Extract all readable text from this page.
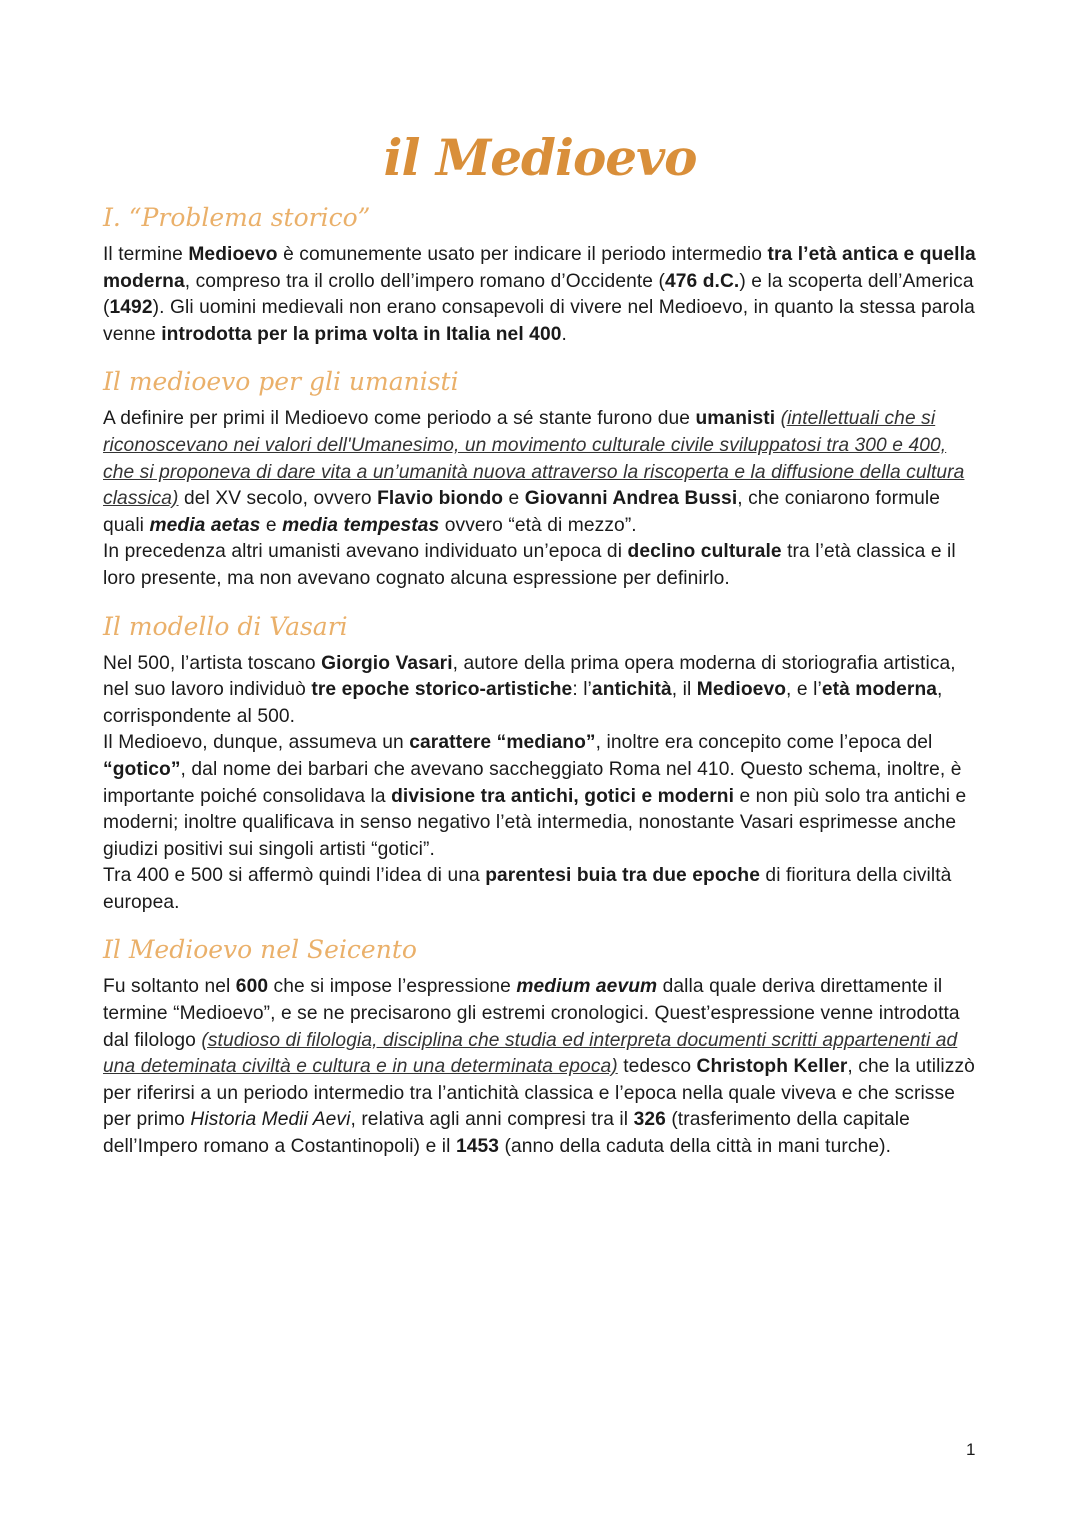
il Medioevo
I. “Problema storico”

Il termine Medioevo è comunemente usato per indicare il periodo intermedio tra l’età antica e quella moderna, compreso tra il crollo dell’impero romano d’Occidente (476 d.C.) e la scoperta dell’America (1492). Gli uomini medievali non erano consapevoli di vivere nel Medioevo, in quanto la stessa parola venne introdotta per la prima volta in Italia nel 400.

Il medioevo per gli umanisti

A definire per primi il Medioevo come periodo a sé stante furono due umanisti (intellettuali che si riconoscevano nei valori dell'Umanesimo, un movimento culturale civile sviluppatosi tra 300 e 400, che si proponeva di dare vita a un’umanità nuova attraverso la riscoperta e la diffusione della cultura classica) del XV secolo, ovvero Flavio biondo e Giovanni Andrea Bussi, che coniarono formule quali media aetas e media tempestas ovvero “età di mezzo”.

In precedenza altri umanisti avevano individuato un’epoca di declino culturale tra l’età classica e il loro presente, ma non avevano cognato alcuna espressione per definirlo.

Il modello di Vasari

Nel 500, l’artista toscano Giorgio Vasari, autore della prima opera moderna di storiografia artistica, nel suo lavoro individuò tre epoche storico-artistiche: l’antichità, il Medioevo, e l’età moderna, corrispondente al 500.

Il Medioevo, dunque, assumeva un carattere “mediano”, inoltre era concepito come l’epoca del “gotico”, dal nome dei barbari che avevano saccheggiato Roma nel 410. Questo schema, inoltre, è importante poiché consolidava la divisione tra antichi, gotici e moderni e non più solo tra antichi e moderni; inoltre qualificava in senso negativo l’età intermedia, nonostante Vasari esprimesse anche giudizi positivi sui singoli artisti “gotici”.

Tra 400 e 500 si affermò quindi l’idea di una parentesi buia tra due epoche di fioritura della civiltà europea.

Il Medioevo nel Seicento

Fu soltanto nel 600 che si impose l’espressione medium aevum dalla quale deriva direttamente il termine “Medioevo”, e se ne precisarono gli estremi cronologici. Quest’espressione venne introdotta dal filologo (studioso di filologia, disciplina che studia ed interpreta documenti scritti appartenenti ad una deteminata civiltà e cultura e in una determinata epoca) tedesco Christoph Keller, che la utilizzò per riferirsi a un periodo intermedio tra l’antichità classica e l’epoca nella quale viveva e che scrisse per primo Historia Medii Aevi, relativa agli anni compresi tra il 326 (trasferimento della capitale dell’Impero romano a Costantinopoli) e il 1453 (anno della caduta della città in mani turche).

1
